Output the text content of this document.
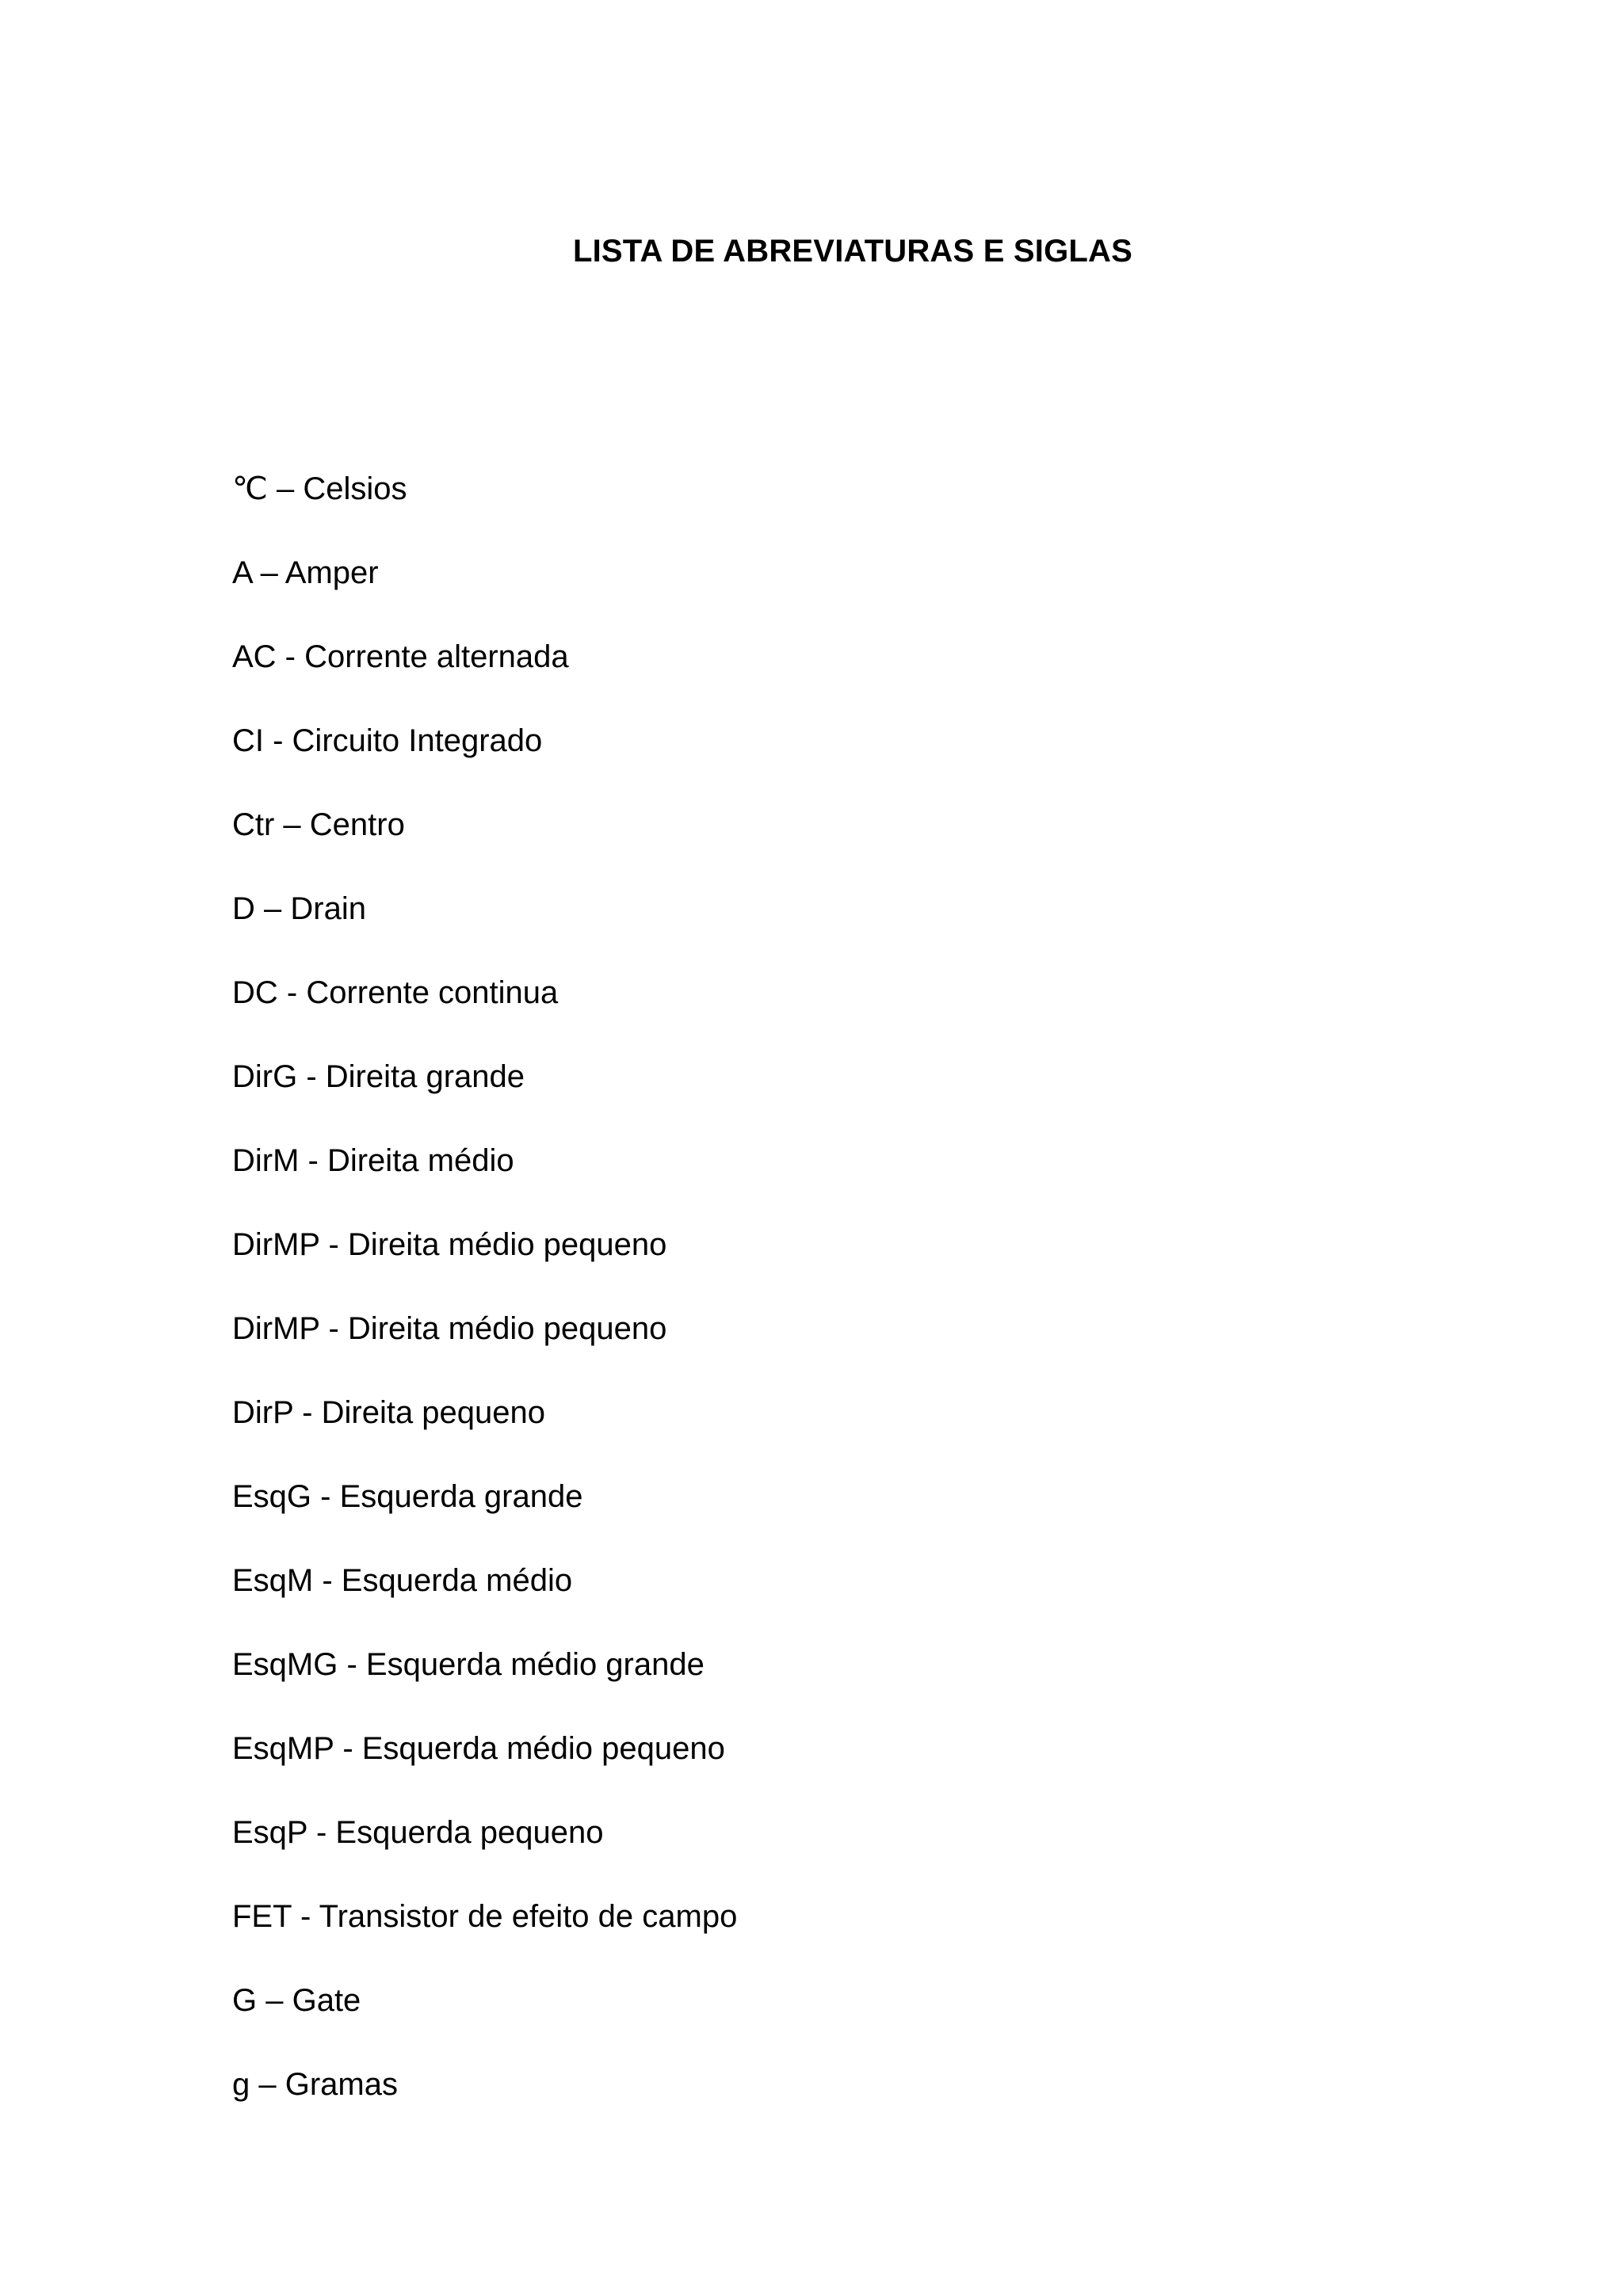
LISTA DE ABREVIATURAS E SIGLAS
℃ – Celsios
A – Amper
AC - Corrente alternada
CI - Circuito Integrado
Ctr – Centro
D – Drain
DC - Corrente continua
DirG - Direita grande
DirM - Direita médio
DirMP - Direita médio pequeno
DirMP - Direita médio pequeno
DirP - Direita pequeno
EsqG - Esquerda grande
EsqM - Esquerda médio
EsqMG - Esquerda médio grande
EsqMP - Esquerda médio pequeno
EsqP - Esquerda pequeno
FET - Transistor de efeito de campo
G – Gate
g – Gramas
